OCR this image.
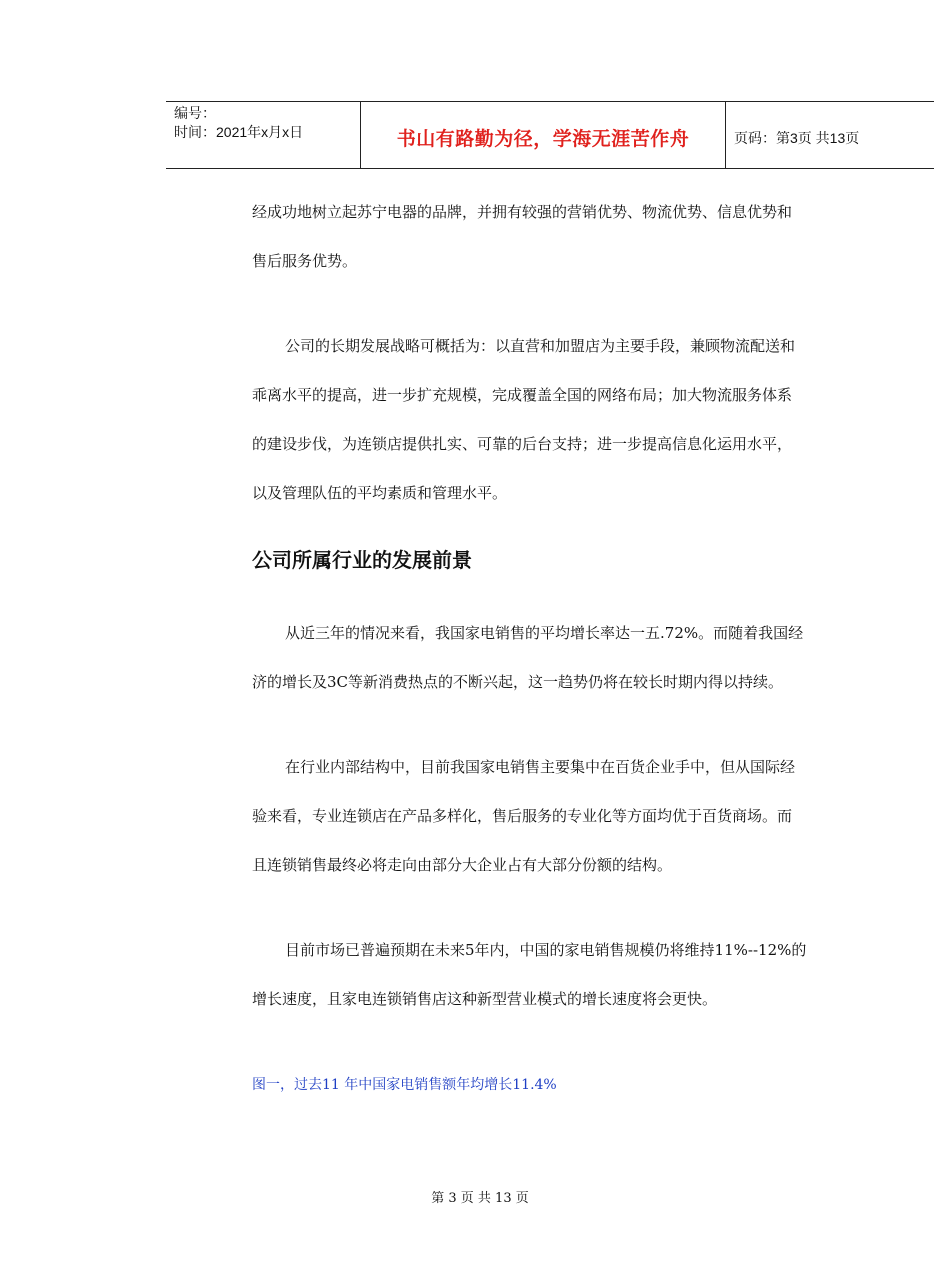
编号：
时间：2021年x月x日	书山有路勤为径，学海无涯苦作舟	页码：第3页 共13页
经成功地树立起苏宁电器的品牌，并拥有较强的营销优势、物流优势、信息优势和
售后服务优势。
公司的长期发展战略可概括为：以直营和加盟店为主要手段，兼顾物流配送和
乖离水平的提高，进一步扩充规模，完成覆盖全国的网络布局；加大物流服务体系
的建设步伐，为连锁店提供扎实、可靠的后台支持；进一步提高信息化运用水平，
以及管理队伍的平均素质和管理水平。
公司所属行业的发展前景
从近三年的情况来看，我国家电销售的平均增长率达一五.72%。而随着我国经
济的增长及3C等新消费热点的不断兴起，这一趋势仍将在较长时期内得以持续。
在行业内部结构中，目前我国家电销售主要集中在百货企业手中，但从国际经
验来看，专业连锁店在产品多样化，售后服务的专业化等方面均优于百货商场。而
且连锁销售最终必将走向由部分大企业占有大部分份额的结构。
目前市场已普遍预期在未来5年内，中国的家电销售规模仍将维持11%--12%的
增长速度，且家电连锁销售店这种新型营业模式的增长速度将会更快。
图一，过去11 年中国家电销售额年均增长11.4%
第 3 页 共 13 页
